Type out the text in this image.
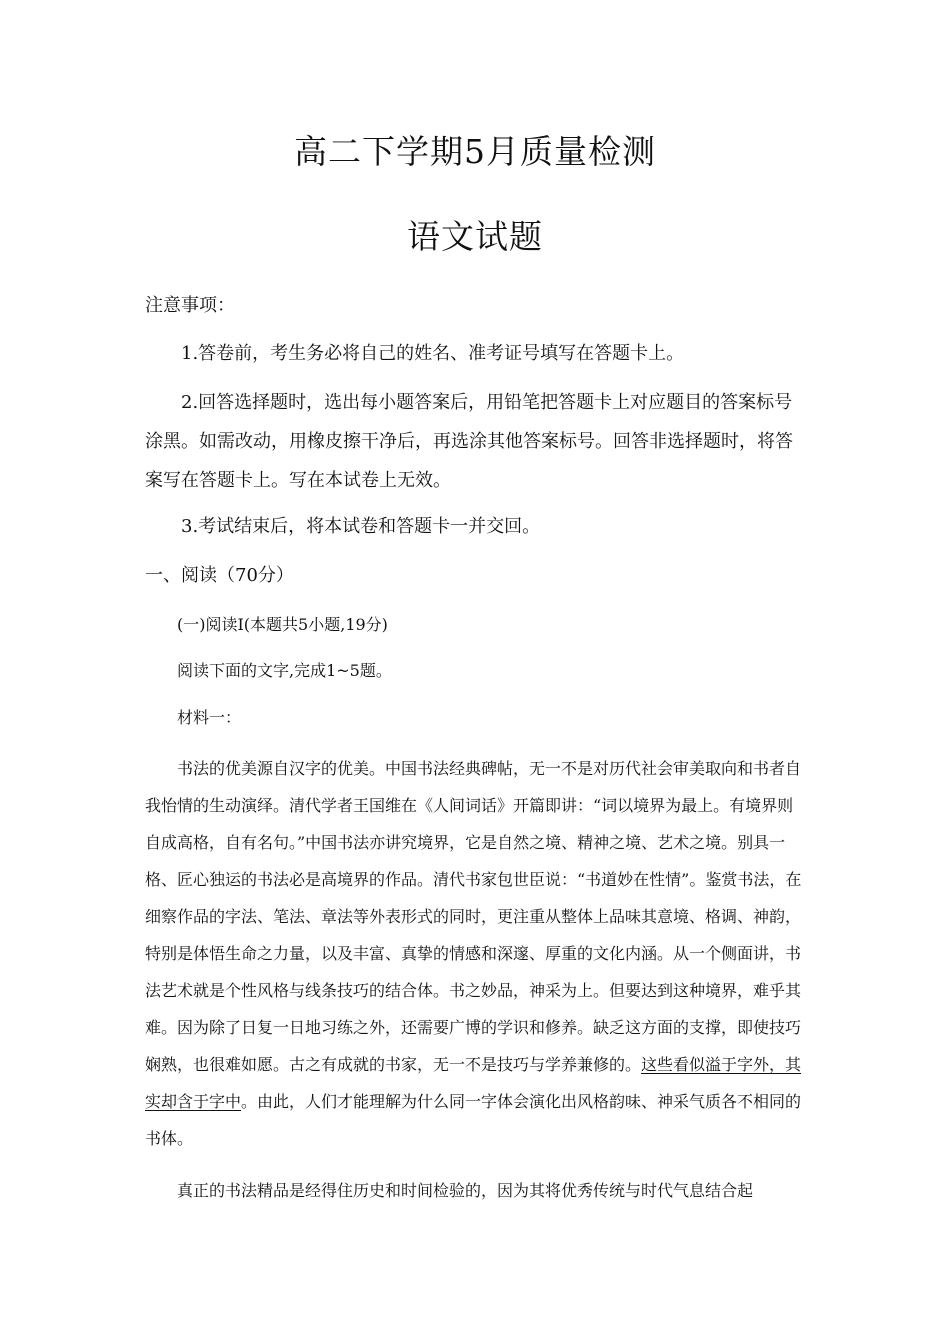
高二下学期5月质量检测
语文试题
注意事项：
1.答卷前，考生务必将自己的姓名、准考证号填写在答题卡上。
2.回答选择题时，选出每小题答案后，用铅笔把答题卡上对应题目的答案标号涂黑。如需改动，用橡皮擦干净后，再选涂其他答案标号。回答非选择题时，将答案写在答题卡上。写在本试卷上无效。
3.考试结束后，将本试卷和答题卡一并交回。
一、阅读（70分）
(一)阅读I(本题共5小题,19分)
阅读下面的文字,完成1~5题。
材料一：
书法的优美源自汉字的优美。中国书法经典碑帖，无一不是对历代社会审美取向和书者自我怡情的生动演绎。清代学者王国维在《人间词话》开篇即讲：“词以境界为最上。有境界则自成高格，自有名句。”中国书法亦讲究境界，它是自然之境、精神之境、艺术之境。别具一格、匠心独运的书法必是高境界的作品。清代书家包世臣说：“书道妙在性情”。鉴赏书法，在细察作品的字法、笔法、章法等外表形式的同时，更注重从整体上品味其意境、格调、神韵，特别是体悟生命之力量，以及丰富、真挚的情感和深邃、厚重的文化内涵。从一个侧面讲，书法艺术就是个性风格与线条技巧的结合体。书之妙品，神采为上。但要达到这种境界，难乎其难。因为除了日复一日地习练之外，还需要广博的学识和修养。缺乏这方面的支撑，即使技巧娴熟，也很难如愿。古之有成就的书家，无一不是技巧与学养兼修的。这些看似溢于字外，其实却含于字中。由此，人们才能理解为什么同一字体会演化出风格韵味、神采气质各不相同的书体。
真正的书法精品是经得住历史和时间检验的，因为其将优秀传统与时代气息结合起
